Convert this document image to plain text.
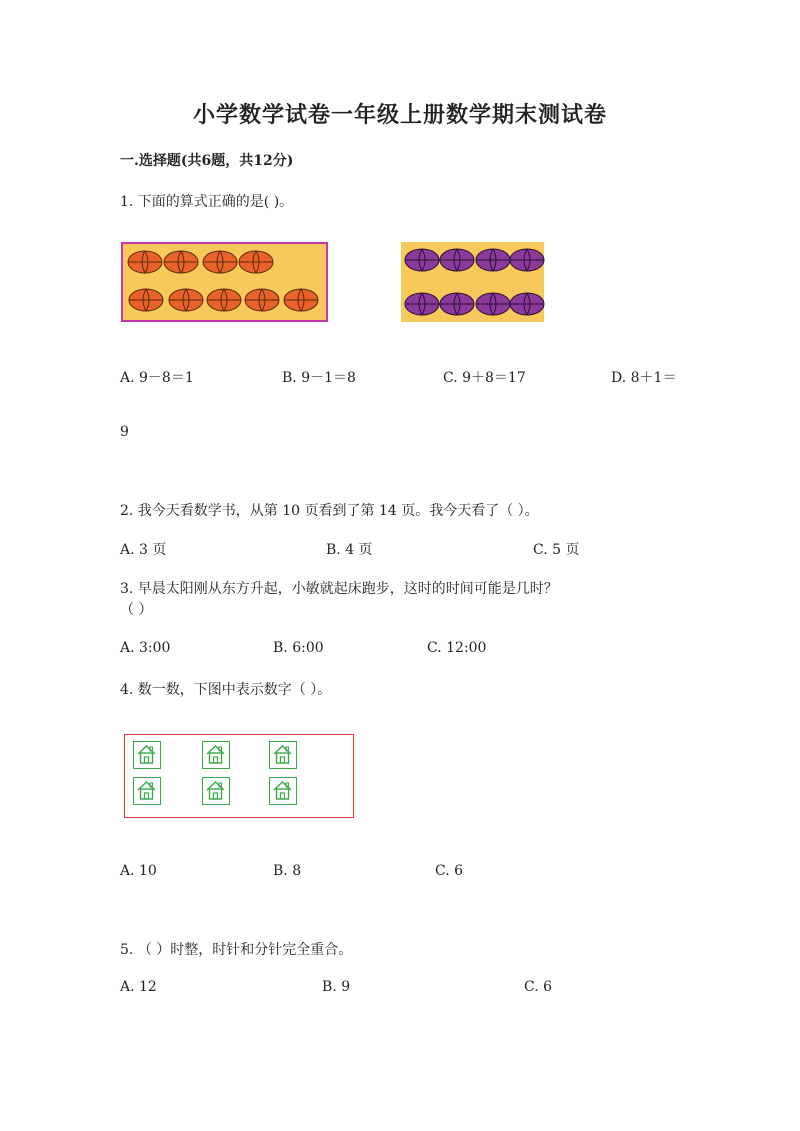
小学数学试卷一年级上册数学期末测试卷
一.选择题(共6题，共12分)
1. 下面的算式正确的是( )。
A. 9－8＝1	B. 9－1＝8	C. 9＋8＝17	D. 8＋1＝
9
2. 我今天看数学书，从第 10 页看到了第 14 页。我今天看了（ ）。
A. 3 页	B. 4 页	C. 5 页
3. 早晨太阳刚从东方升起，小敏就起床跑步，这时的时间可能是几时？
（ ）
A. 3:00	B. 6:00	C. 12:00
4. 数一数，下图中表示数字（ ）。
A. 10	B. 8	C. 6
5. （ ）时整，时针和分针完全重合。
A. 12	B. 9	C. 6
